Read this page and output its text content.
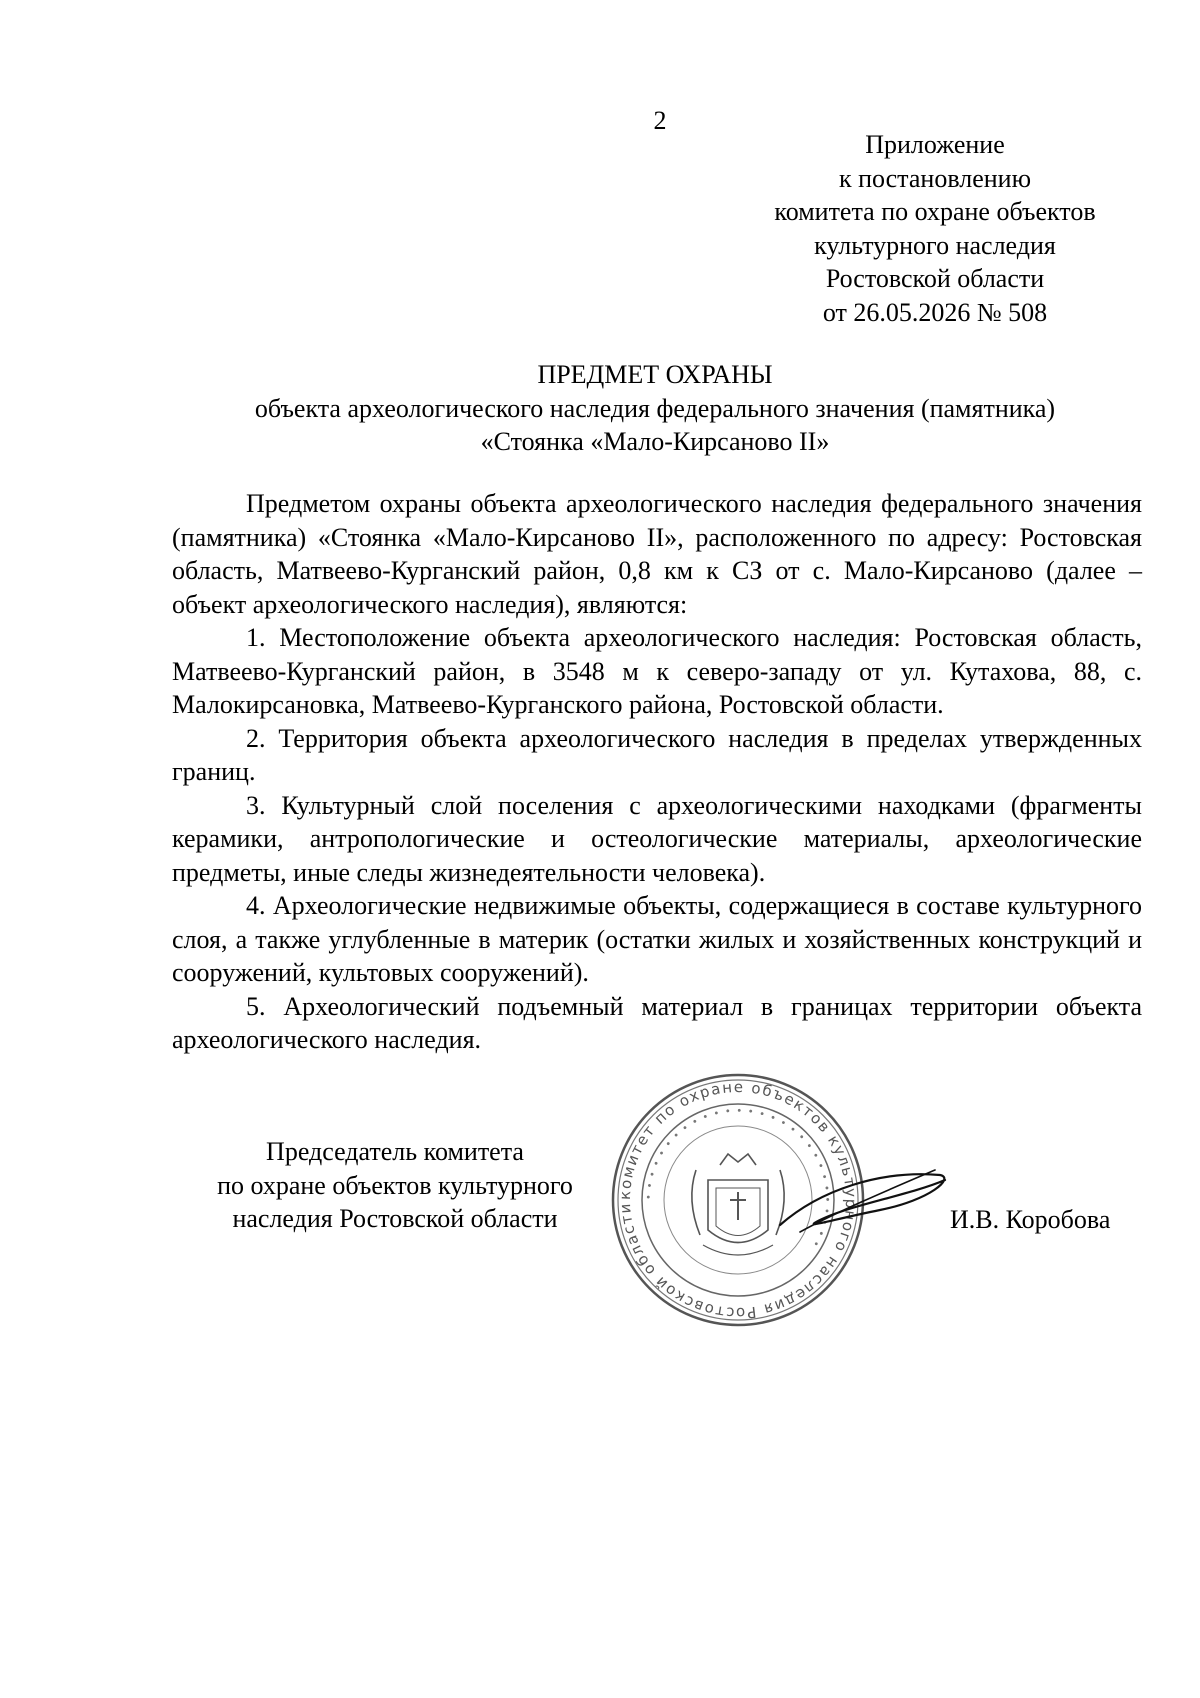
2
Приложение
к постановлению
комитета по охране объектов
культурного наследия
Ростовской области
от 26.05.2026 № 508
ПРЕДМЕТ ОХРАНЫ
объекта археологического наследия федерального значения (памятника)
«Стоянка «Мало-Кирсаново II»

Предметом охраны объекта археологического наследия федерального значения (памятника) «Стоянка «Мало-Кирсаново II», расположенного по адресу: Ростовская область, Матвеево-Курганский район, 0,8 км к СЗ от с. Мало-Кирсаново (далее – объект археологического наследия), являются:

1. Местоположение объекта археологического наследия: Ростовская область, Матвеево-Курганский район, в 3548 м к северо-западу от ул. Кутахова, 88, с. Малокирсановка, Матвеево-Курганского района, Ростовской области.

2. Территория объекта археологического наследия в пределах утвержденных границ.

3. Культурный слой поселения с археологическими находками (фрагменты керамики, антропологические и остеологические материалы, археологические предметы, иные следы жизнедеятельности человека).

4. Археологические недвижимые объекты, содержащиеся в составе культурного слоя, а также углубленные в материк (остатки жилых и хозяйственных конструкций и сооружений, культовых сооружений).

5. Археологический подъемный материал в границах территории объекта археологического наследия.

Председатель комитета
по охране объектов культурного
наследия Ростовской области
комитет по охране объектов культурного наследия Ростовской области
• • • • • • • • • • • • • • • • • • • • • • • • • • • • •
И.В. Коробова
